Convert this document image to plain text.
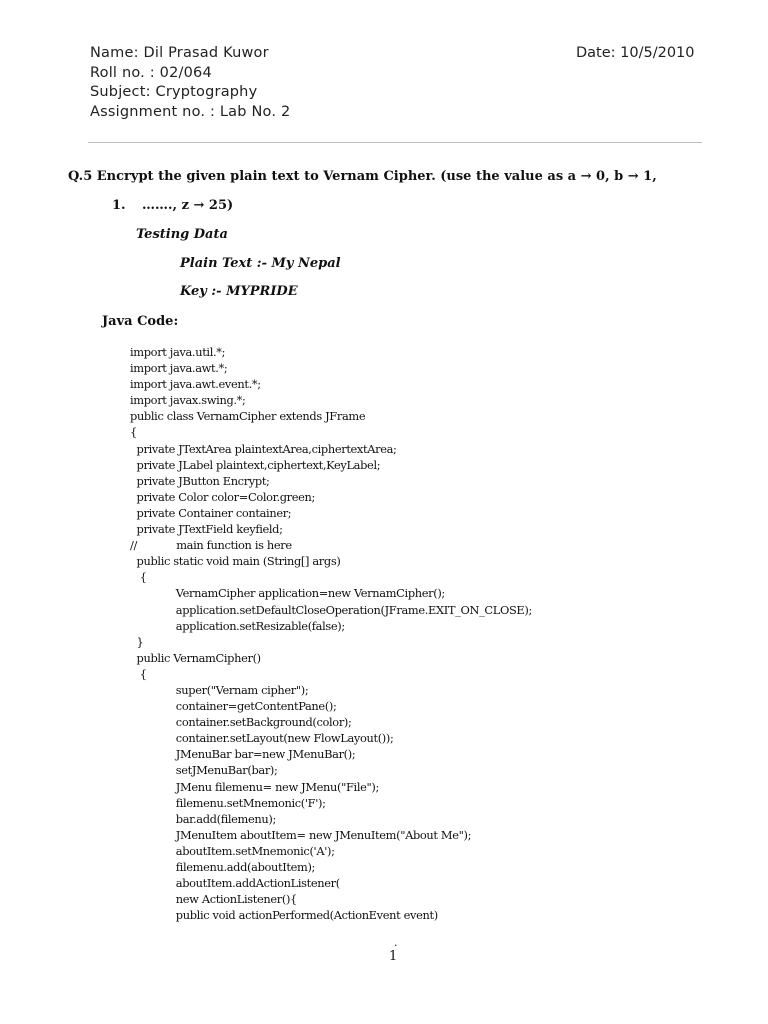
Name: Dil Prasad Kuwor
Roll no. : 02/064
Subject: Cryptography
Assignment no. : Lab No. 2
Date: 10/5/2010
Q.5 Encrypt the given plain text to Vernam Cipher. (use the value as a → 0, b → 1,
1. ……., z → 25)
Testing Data
Plain Text :- My Nepal
Key :- MYPRIDE
Java Code:
import java.util.*;
import java.awt.*;
import java.awt.event.*;
import javax.swing.*;
public class VernamCipher extends JFrame
{
private JTextArea plaintextArea,ciphertextArea;
private JLabel plaintext,ciphertext,KeyLabel;
private JButton Encrypt;
private Color color=Color.green;
private Container container;
private JTextField keyfield;
//            main function is here
public static void main (String[] args)
{
VernamCipher application=new VernamCipher();
application.setDefaultCloseOperation(JFrame.EXIT_ON_CLOSE);
application.setResizable(false);
}
public VernamCipher()
{
super("Vernam cipher");
container=getContentPane();
container.setBackground(color);
container.setLayout(new FlowLayout());
JMenuBar bar=new JMenuBar();
setJMenuBar(bar);
JMenu filemenu= new JMenu("File");
filemenu.setMnemonic('F');
bar.add(filemenu);
JMenuItem aboutItem= new JMenuItem("About Me");
aboutItem.setMnemonic('A');
filemenu.add(aboutItem);
aboutItem.addActionListener(
new ActionListener(){
public void actionPerformed(ActionEvent event)
.
1
